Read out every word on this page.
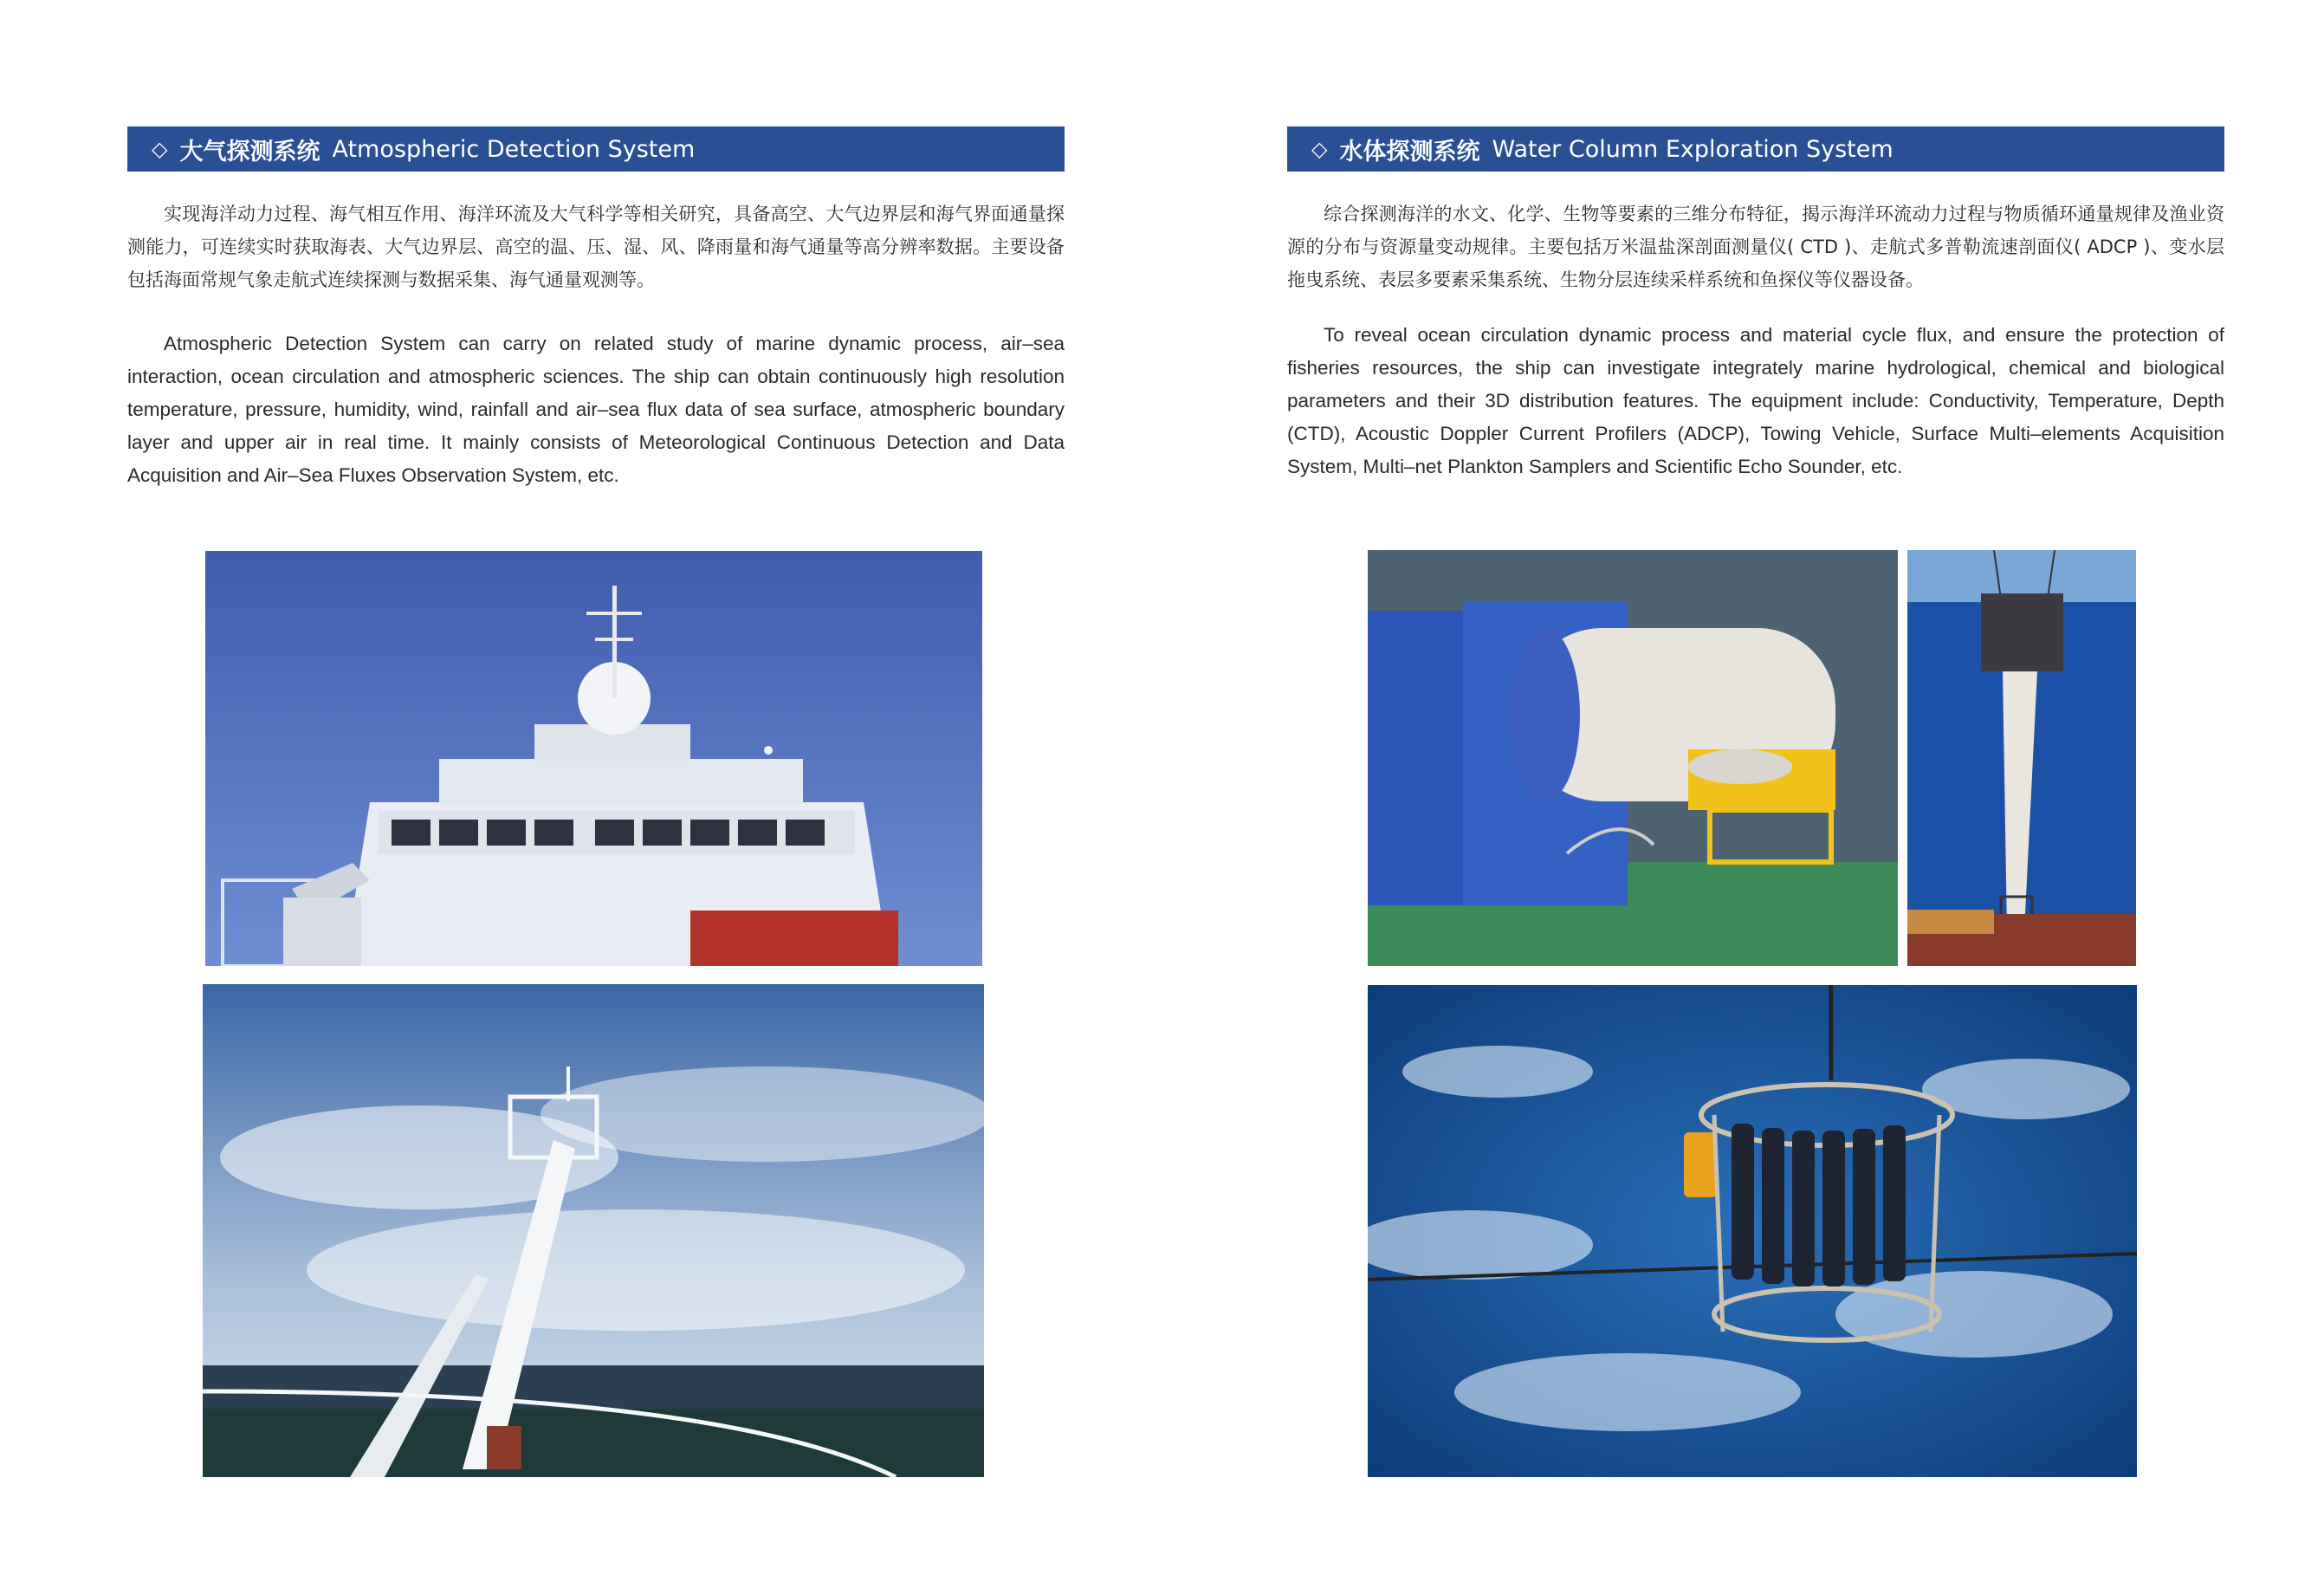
◇ 大气探测系统 Atmospheric Detection System

实现海洋动力过程、海气相互作用、海洋环流及大气科学等相关研究，具备高空、大气边界层和海气界面通量探测能力，可连续实时获取海表、大气边界层、高空的温、压、湿、风、降雨量和海气通量等高分辨率数据。主要设备包括海面常规气象走航式连续探测与数据采集、海气通量观测等。

Atmospheric Detection System can carry on related study of marine dynamic process, air–sea interaction, ocean circulation and atmospheric sciences. The ship can obtain continuously high resolution temperature, pressure, humidity, wind, rainfall and air–sea flux data of sea surface, atmospheric boundary layer and upper air in real time. It mainly consists of Meteorological Continuous Detection and Data Acquisition and Air–Sea Fluxes Observation System, etc.

◇ 水体探测系统 Water Column Exploration System

综合探测海洋的水文、化学、生物等要素的三维分布特征，揭示海洋环流动力过程与物质循环通量规律及渔业资源的分布与资源量变动规律。主要包括万米温盐深剖面测量仪( CTD )、走航式多普勒流速剖面仪( ADCP )、变水层拖曳系统、表层多要素采集系统、生物分层连续采样系统和鱼探仪等仪器设备。

To reveal ocean circulation dynamic process and material cycle flux, and ensure the protection of fisheries resources, the ship can investigate integrately marine hydrological, chemical and biological parameters and their 3D distribution features. The equipment include: Conductivity, Temperature, Depth (CTD), Acoustic Doppler Current Profilers (ADCP), Towing Vehicle, Surface Multi–elements Acquisition System, Multi–net Plankton Samplers and Scientific Echo Sounder, etc.
